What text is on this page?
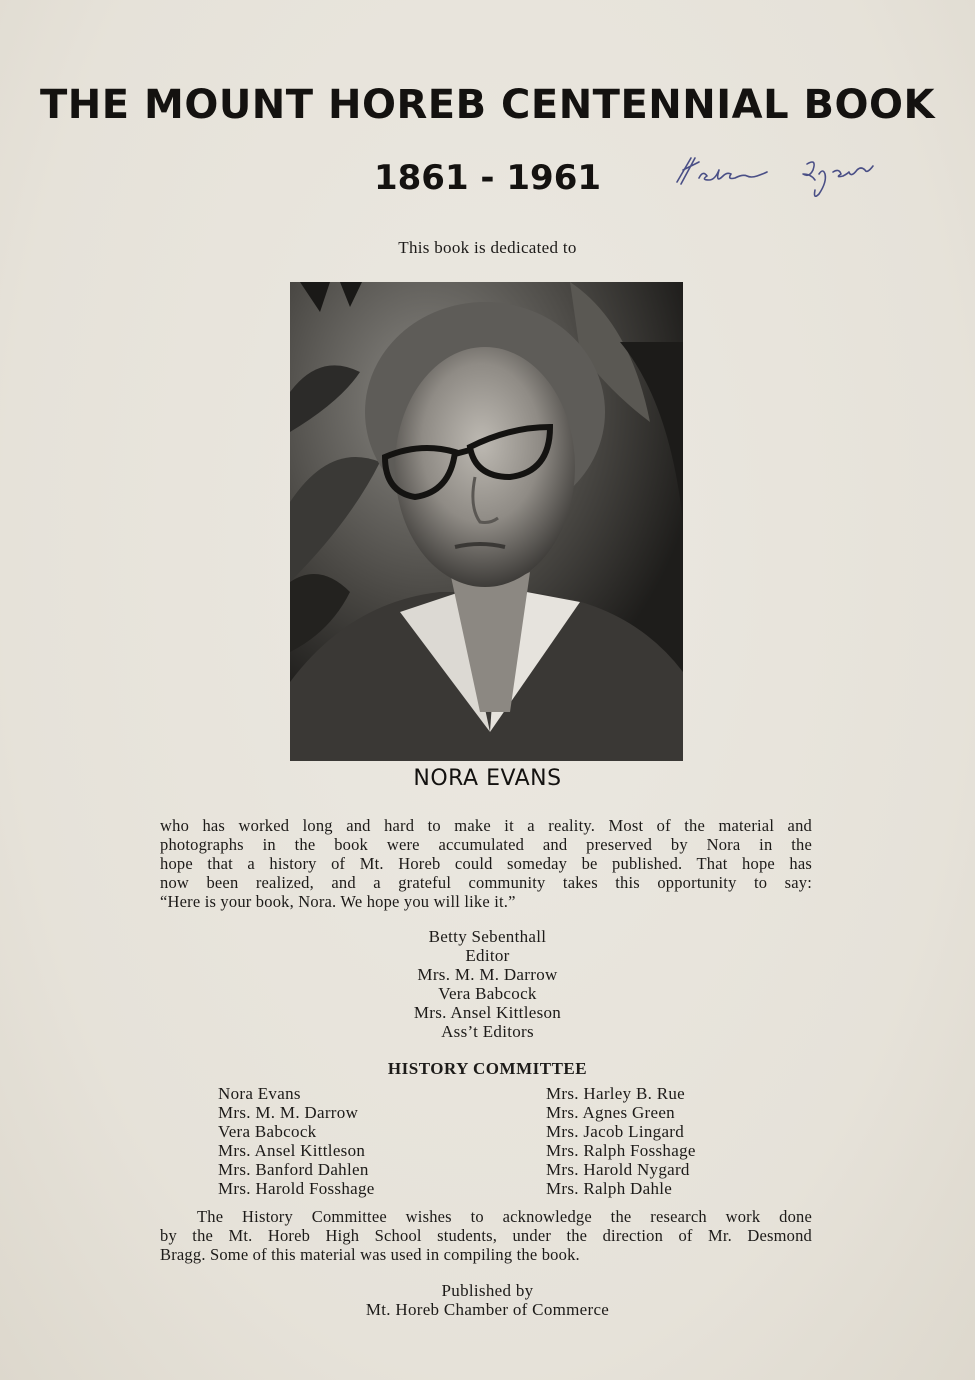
THE MOUNT HOREB CENTENNIAL BOOK
1861 - 1961
This book is dedicated to
NORA EVANS
who has worked long and hard to make it a reality. Most of the material and
photographs in the book were accumulated and preserved by Nora in the
hope that a history of Mt. Horeb could someday be published. That hope has
now been realized, and a grateful community takes this opportunity to say:
“Here is your book, Nora. We hope you will like it.”
Betty Sebenthall
Editor
Mrs. M. M. Darrow
Vera Babcock
Mrs. Ansel Kittleson
Ass’t Editors
HISTORY COMMITTEE
Nora Evans
Mrs. M. M. Darrow
Vera Babcock
Mrs. Ansel Kittleson
Mrs. Banford Dahlen
Mrs. Harold Fosshage
Mrs. Harley B. Rue
Mrs. Agnes Green
Mrs. Jacob Lingard
Mrs. Ralph Fosshage
Mrs. Harold Nygard
Mrs. Ralph Dahle
The History Committee wishes to acknowledge the research work done
by the Mt. Horeb High School students, under the direction of Mr. Desmond
Bragg. Some of this material was used in compiling the book.
Published by
Mt. Horeb Chamber of Commerce
